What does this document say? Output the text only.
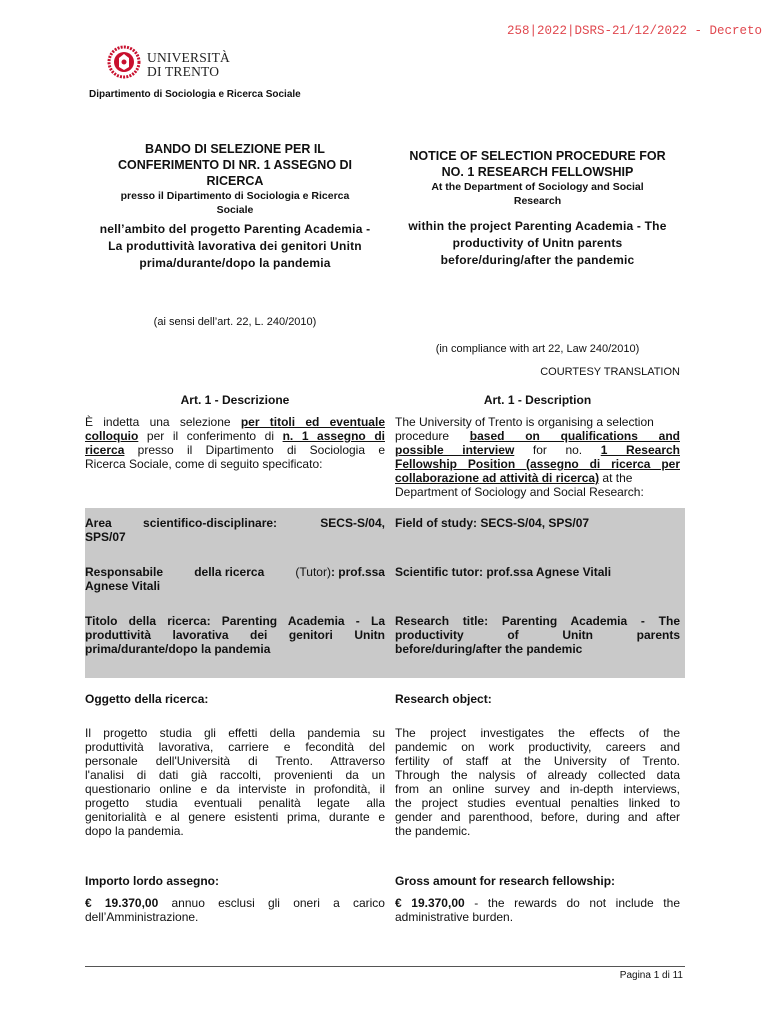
258|2022|DSRS-21/12/2022 - Decreto
UNIVERSITÀ
DI TRENTO
Dipartimento di Sociologia e Ricerca Sociale
BANDO DI SELEZIONE PER IL
CONFERIMENTO DI NR. 1 ASSEGNO DI
RICERCA
presso il Dipartimento di Sociologia e Ricerca
Sociale
nell’ambito del progetto Parenting Academia -
La produttività lavorativa dei genitori Unitn
prima/durante/dopo la pandemia
NOTICE OF SELECTION PROCEDURE FOR
NO. 1 RESEARCH FELLOWSHIP
At the Department of Sociology and Social
Research
within the project Parenting Academia - The
productivity of Unitn parents
before/during/after the pandemic
(ai sensi dell’art. 22, L. 240/2010)
(in compliance with art 22, Law 240/2010)
COURTESY TRANSLATION
Art. 1 - Descrizione	Art. 1 - Description
È indetta una selezione per titoli ed eventuale
colloquio per il conferimento di n. 1 assegno di
ricerca presso il Dipartimento di Sociologia e
Ricerca Sociale, come di seguito specificato:
The University of Trento is organising a selection
procedure based on qualifications and
possible interview for no. 1 Research
Fellowship Position (assegno di ricerca per
collaborazione ad attività di ricerca) at the
Department of Sociology and Social Research:
Area scientifico-disciplinare:	SECS-S/04,
SPS/07
Field of study: SECS-S/04, SPS/07
Responsabile	della ricerca	(Tutor): prof.ssa
Agnese Vitali
Scientific tutor: prof.ssa Agnese Vitali
Titolo della ricerca: Parenting Academia - La
produttività lavorativa dei genitori Unitn
prima/durante/dopo la pandemia
Research title: Parenting Academia - The
productivity of Unitn parents
before/during/after the pandemic
Oggetto della ricerca:	Research object:
Il progetto studia gli effetti della pandemia su
produttività lavorativa, carriere e fecondità del
personale dell'Università di Trento. Attraverso
l'analisi di dati già raccolti, provenienti da un
questionario online e da interviste in profondità, il
progetto studia eventuali penalità legate alla
genitorialità e al genere esistenti prima, durante e
dopo la pandemia.
The project investigates the effects of the
pandemic on work productivity, careers and
fertility of staff at the University of Trento.
Through the nalysis of already collected data
from an online survey and in-depth interviews,
the project studies eventual penalties linked to
gender and parenthood, before, during and after
the pandemic.
Importo lordo assegno:	Gross amount for research fellowship:
€ 19.370,00 annuo esclusi gli oneri a carico
dell’Amministrazione.
€ 19.370,00 - the rewards do not include the
administrative burden.
Pagina 1 di 11
